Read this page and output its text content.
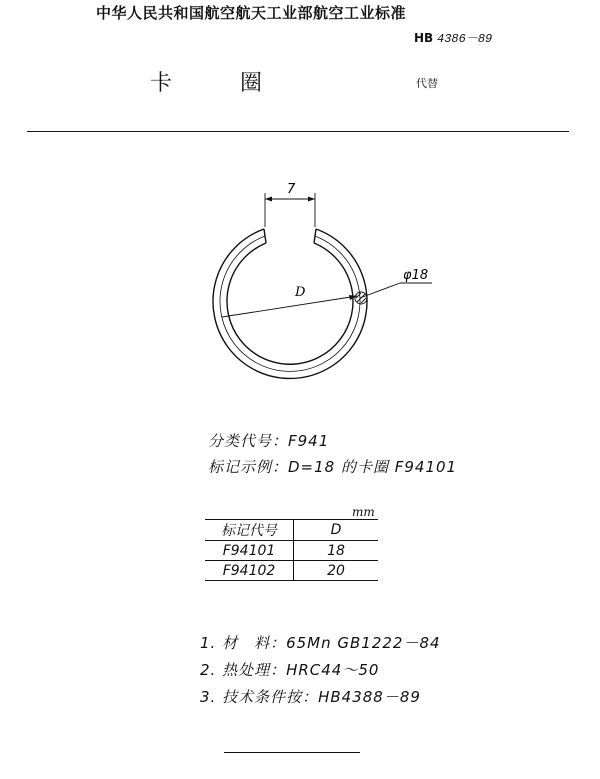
中华人民共和国航空航天工业部航空工业标准
HB 4386－89
卡圈	代替
7
D
φ18
分类代号：F941
标记示例：D=18 的卡圈 F94101
mm
标记代号	D
F94101	18
F94102	20
1. 材　料：65Mn GB1222－84
2. 热处理：HRC44～50
3. 技术条件按：HB4388－89
